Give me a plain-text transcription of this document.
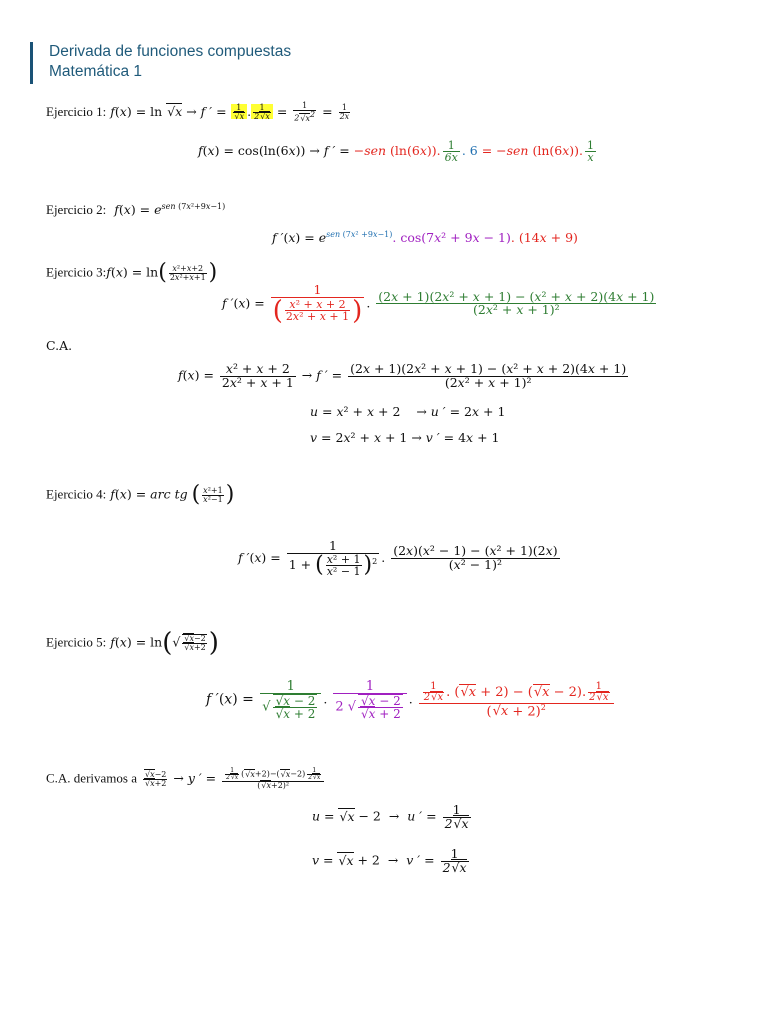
Derivada de funciones compuestas
Matemática 1
Ejercicio 1: f(x) = ln √ x → f ′ = 1
√ x . $\frac{1}{2 √ x} = \frac{1}{2 √ x2} = \frac{1}{2x}$
f(x) = cos(ln(6x)) → f ′ = −sen (ln(6x)). $\frac{1}{6x}$ . 6 = −sen (ln(6x)). $\frac{1}{x}$
Ejercicio 2:  $f(x) = e^{sen (7x^2+9x-1)}$
f $'(x) = e^{sen (7x^2 +9x-1)}$. cos(7x² + 9x − 1). (14x + 9)
Ejercicio 3:f(x) = $\ln( \frac{\text{x²+x+2}}{\text{2x²+x+1}}$ )
f $'(x) = \frac{1}{( \frac{\text{x² + x + 2}}{\text{2x² + x + 1}} )}$ . $\frac{\text{(2x + 1)(2x² + x + 1) − (x² + x + 2)(4x + 1)}}{\text{(2x² + x + 1)²}}$
C.A.
$f(x) = \frac{\text{x² + x + 2}}{\text{2x² + x + 1}} \to f$ ′ = $\frac{\text{(2x + 1)(2x² + x + 1) − (x² + x + 2)(4x + 1)}}{\text{(2x² + x + 1)²}}$
u = x² + x + 2    → u ′ = 2x + 1
v = 2x² + x + 1 → v ′ = 4x + 1
Ejercicio 4: f(x) = arc tg ( $\frac{\text{x²+1}}{\text{x²−1}}$ )
f $'(x) = \frac{1}{1 + ( \frac{\text{x² + 1}}{\text{x² − 1}} )^2}$ . $\frac{\text{(2x)(x² − 1) − (x² + 1)(2x)}}{\text{(x² − 1)²}}$
Ejercicio 5: f(x) = ln(√ √ x−2
√ x+2 )
f ′(x) = 1
√ √ x − 2
√ x + 2 . 1
2 √ √ x − 2
√ x + 2 . $\frac{\frac{1}{2 √ x} . ( √ x + 2) - ( √ x - 2). \frac{1}{2 √ x}}{( √ x + 2)^2}$
C.A. derivamos a √ x−2
√ x+2 → y ′ = $\frac{\frac{1}{2 √ x} ( √ x+2)-( √ x-2) \frac{1}{2 √ x}}{\text{( √ x+2)²}}$
u = √ x − 2  →  u ′ = $\frac{1}{2 √ x}$
v = √ x + 2  →  v ′ = $\frac{1}{2 √ x}$
